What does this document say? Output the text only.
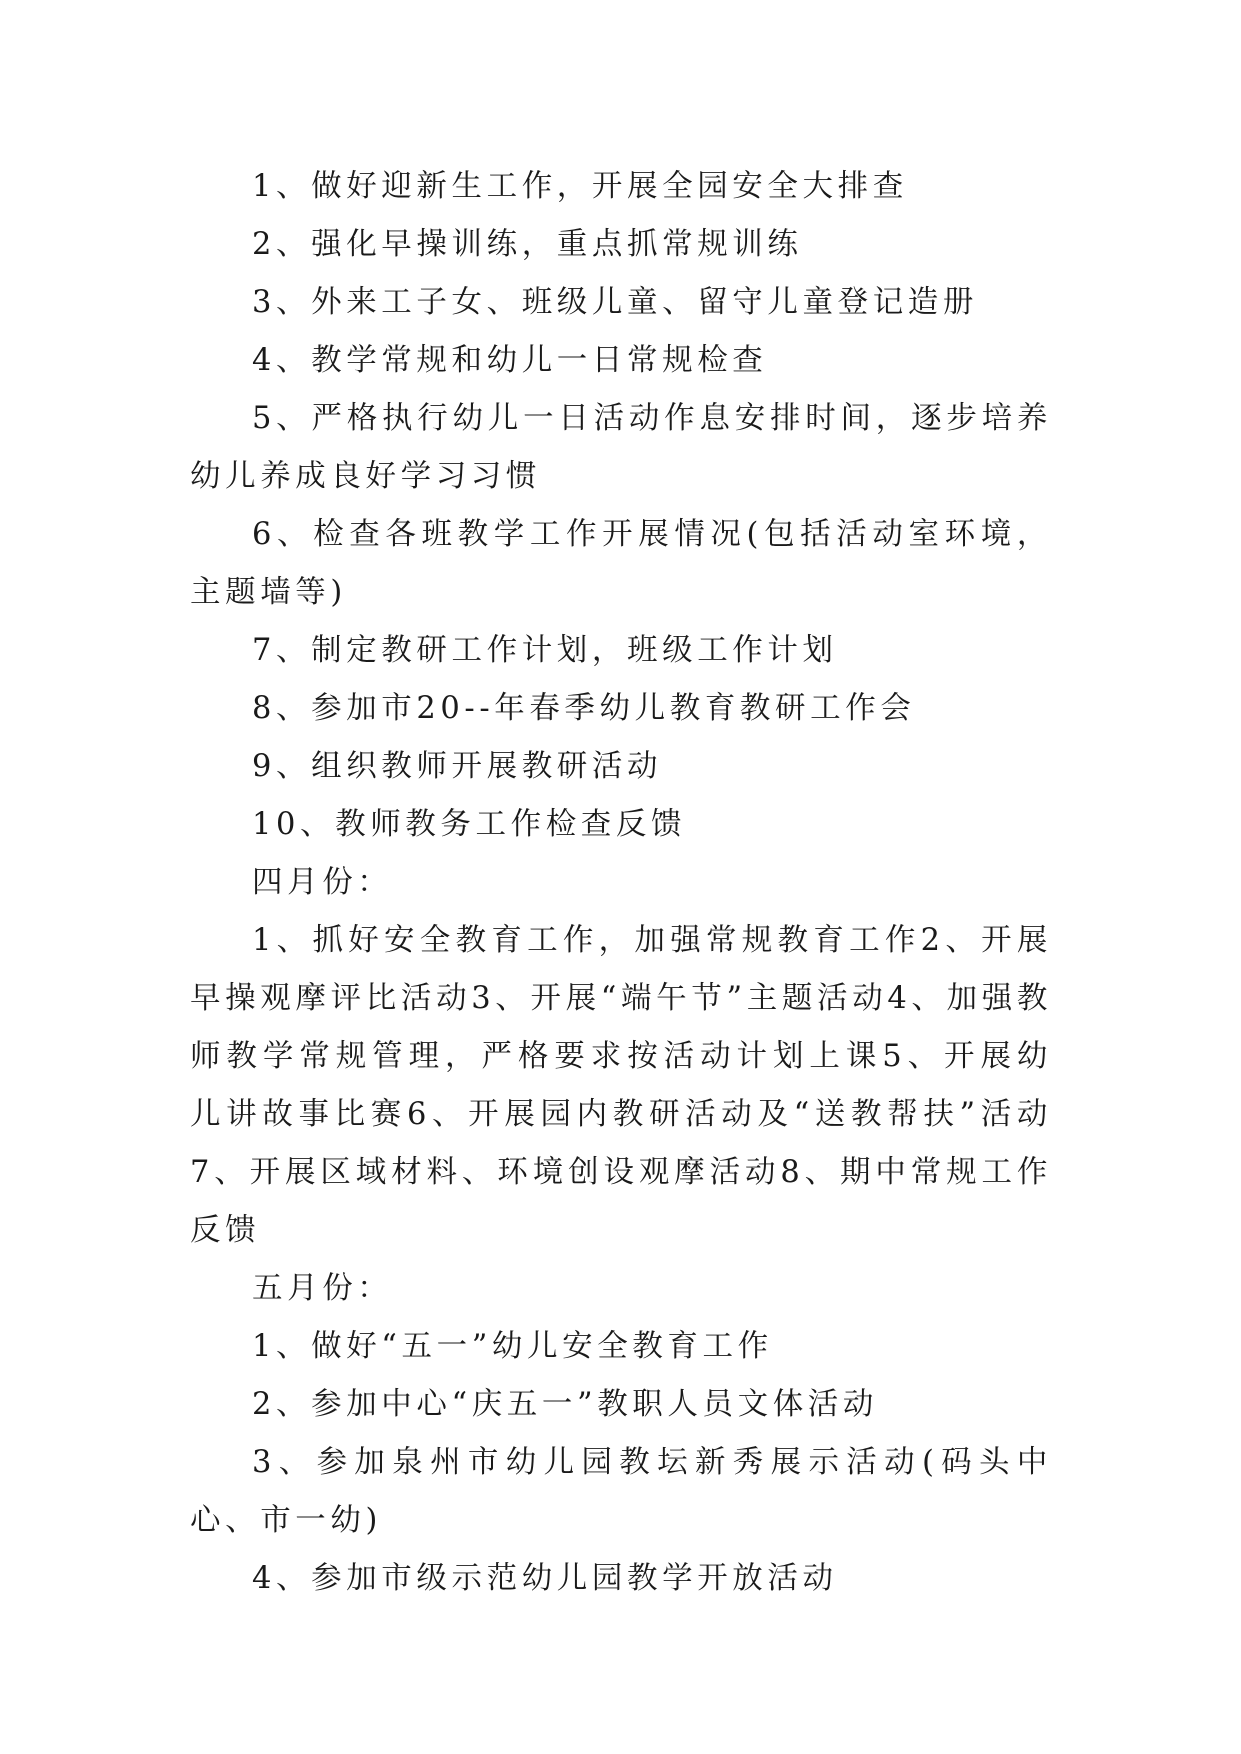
1、做好迎新生工作，开展全园安全大排查

2、强化早操训练，重点抓常规训练

3、外来工子女、班级儿童、留守儿童登记造册

4、教学常规和幼儿一日常规检查

5、严格执行幼儿一日活动作息安排时间，逐步培养幼儿养成良好学习习惯

6、检查各班教学工作开展情况(包括活动室环境，主题墙等)

7、制定教研工作计划，班级工作计划

8、参加市20--年春季幼儿教育教研工作会

9、组织教师开展教研活动

10、教师教务工作检查反馈

四月份：

1、抓好安全教育工作，加强常规教育工作2、开展早操观摩评比活动3、开展“端午节”主题活动4、加强教师教学常规管理，严格要求按活动计划上课5、开展幼儿讲故事比赛6、开展园内教研活动及“送教帮扶”活动7、开展区域材料、环境创设观摩活动8、期中常规工作反馈

五月份：

1、做好“五一”幼儿安全教育工作

2、参加中心“庆五一”教职人员文体活动

3、参加泉州市幼儿园教坛新秀展示活动(码头中心、市一幼)

4、参加市级示范幼儿园教学开放活动
